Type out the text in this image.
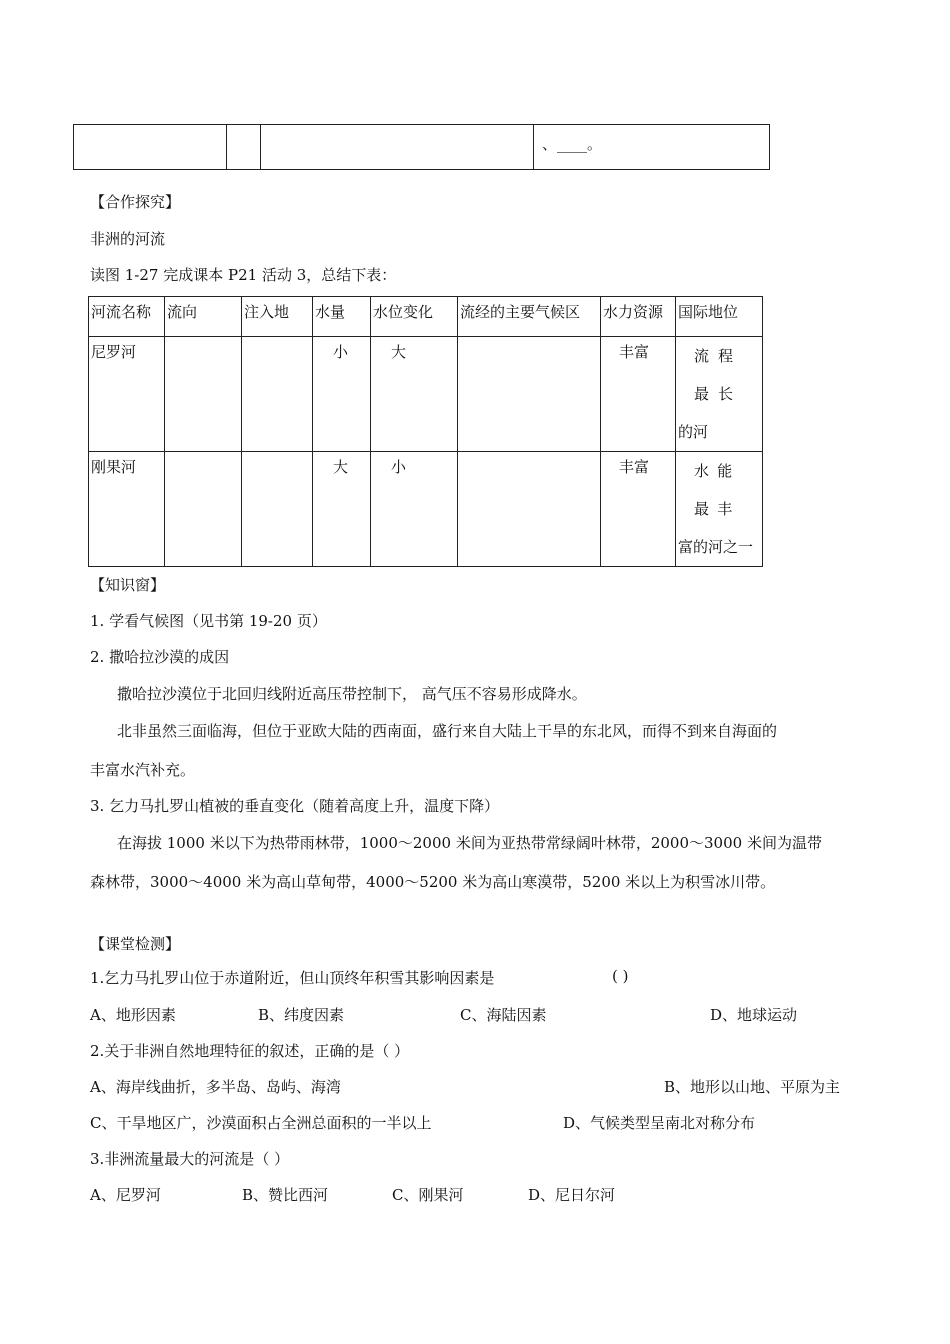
			、____。
【合作探究】
非洲的河流
读图 1-27 完成课本 P21 活动 3，总结下表：
河流名称	流向	注入地	水量	水位变化	流经的主要气候区	水力资源	国际地位
尼罗河			小	大		丰富	流程最长
的河

刚果河			大	小		丰富	水能最丰
富的河之一
【知识窗】
1. 学看气候图（见书第 19-20 页）
2. 撒哈拉沙漠的成因
撒哈拉沙漠位于北回归线附近高压带控制下， 高气压不容易形成降水。
北非虽然三面临海，但位于亚欧大陆的西南面，盛行来自大陆上干旱的东北风，而得不到来自海面的
丰富水汽补充。
3. 乞力马扎罗山植被的垂直变化（随着高度上升，温度下降）
在海拔 1000 米以下为热带雨林带，1000～2000 米间为亚热带常绿阔叶林带，2000～3000 米间为温带
森林带，3000～4000 米为高山草甸带，4000～5200 米为高山寒漠带，5200 米以上为积雪冰川带。
【课堂检测】
1.乞力马扎罗山位于赤道附近，但山顶终年积雪其影响因素是	( )
A、地形因素	B、纬度因素	C、海陆因素	D、地球运动
2.关于非洲自然地理特征的叙述，正确的是（ ）
A、海岸线曲折，多半岛、岛屿、海湾	B、地形以山地、平原为主
C、干旱地区广，沙漠面积占全洲总面积的一半以上	D、气候类型呈南北对称分布
3.非洲流量最大的河流是（ ）
A、尼罗河	B、赞比西河	C、刚果河	D、尼日尔河
